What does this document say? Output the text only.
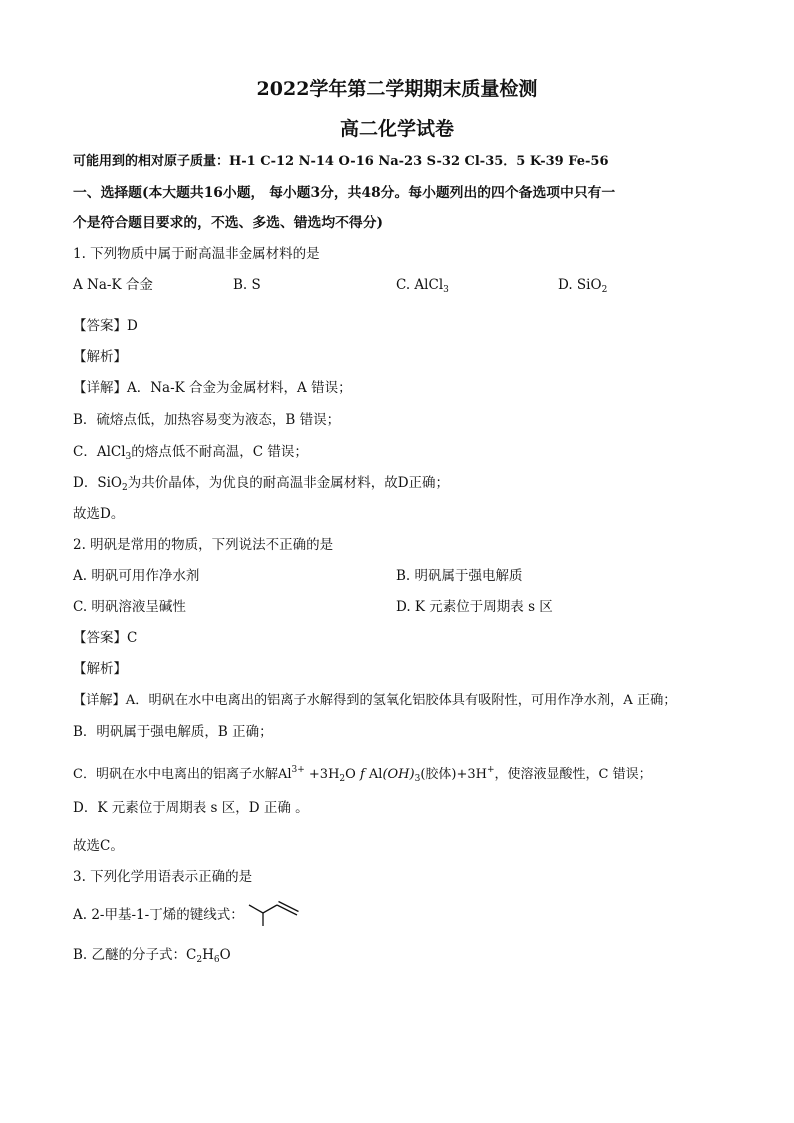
2022学年第二学期期末质量检测
高二化学试卷
可能用到的相对原子质量：H-1 C-12 N-14 O-16 Na-23 S-32 Cl-35．5 K-39 Fe-56
一、选择题(本大题共16小题， 每小题3分，共48分。每小题列出的四个备选项中只有一
个是符合题目要求的，不选、多选、错选均不得分)
1. 下列物质中属于耐高温非金属材料的是
A Na-K 合金	B. S	C. AlCl$_3$	D. SiO$_2$
【答案】D
【解析】
【详解】A．Na-K 合金为金属材料，A 错误；
B．硫熔点低，加热容易变为液态，B 错误；
C．AlCl$_3$的熔点低不耐高温，C 错误；
D．SiO$_2$为共价晶体，为优良的耐高温非金属材料，故D正确；
故选D。
2. 明矾是常用的物质，下列说法不正确的是
A. 明矾可用作净水剂	B. 明矾属于强电解质
C. 明矾溶液呈碱性	D. K 元素位于周期表 s 区
【答案】C
【解析】
【详解】A．明矾在水中电离出的铝离子水解得到的氢氧化铝胶体具有吸附性，可用作净水剂，A 正确；
B．明矾属于强电解质，B 正确；
C．明矾在水中电离出的铝离子水解$Al^{3+} +3H_2O$ f $Al(OH)_3$(胶体)+3H+，使溶液显酸性，C 错误；
D．K 元素位于周期表 s 区，D 正确 。
故选C。
3. 下列化学用语表示正确的是
A. 2-甲基-1-丁烯的键线式：
B. 乙醚的分子式：$C_2H_6O$
